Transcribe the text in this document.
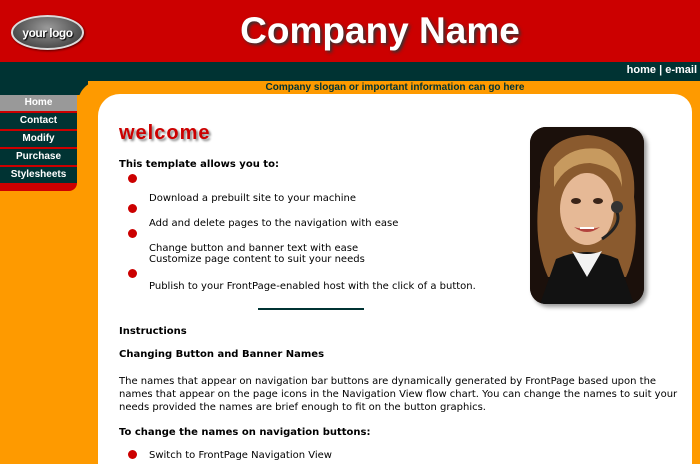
your logo	Company Name
home | e-mail
Company slogan or important information can go here
Home
Contact
Modify
Purchase
Stylesheets
welcome
This template allows you to:
Download a prebuilt site to your machine
Add and delete pages to the navigation with ease
Change button and banner text with ease
Customize page content to suit your needs
Publish to your FrontPage-enabled host with the click of a button.
Instructions
Changing Button and Banner Names
The names that appear on navigation bar buttons are dynamically generated by FrontPage based upon the names that appear on the page icons in the Navigation View flow chart. You can change the names to suit your needs provided the names are brief enough to fit on the button graphics.
To change the names on navigation buttons:
Switch to FrontPage Navigation View
